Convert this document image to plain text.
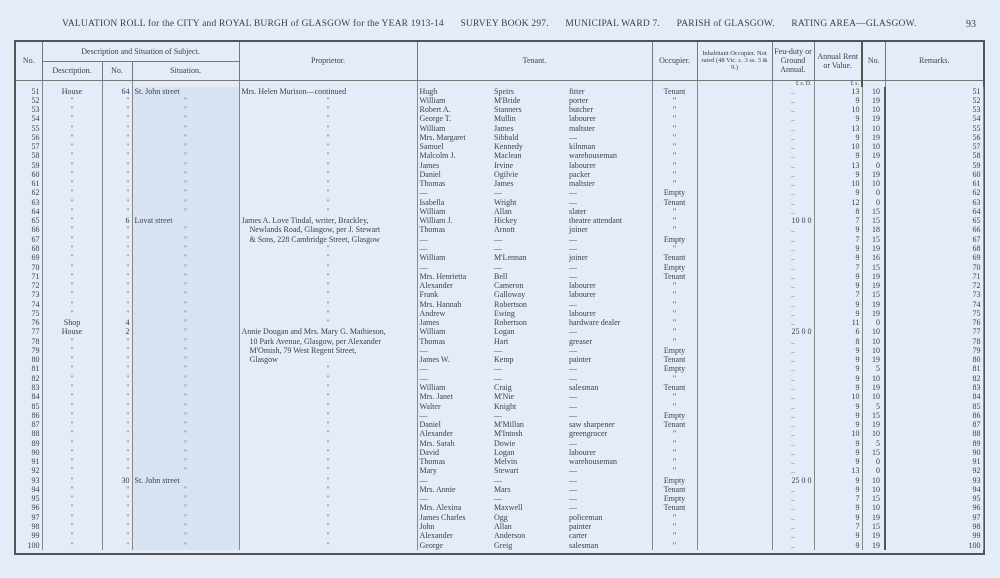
VALUATION ROLL for the CITY and ROYAL BURGH of GLASGOW for the YEAR 1913-14 SURVEY BOOK 297. MUNICIPAL WARD 7. PARISH of GLASGOW. RATING AREA—GLASGOW.	93
No.	Description and Situation of Subject.			Proprietor.	Tenant.			Occupier.	Inhabitant Occupier. Not rated (48 Vic. c. 3 ss. 3 & 9.)	Feu-duty or Ground Annual.	Annual Rent or Value.	No.	Remarks.	
	Description.	No.	Situation.											
										£ s. D.	£ s.			
51	House	64	St. John street	Mrs. Helen Murison—continued	Hugh	Speirs	fitter	Tenant		..	13	10	51	
52	"	"	"	"	William	M'Bride	porter	"		..	9	19	52	
53	"	"	"	"	Robert A.	Stanners	butcher	"		..	10	10	53	
54	"	"	"	"	George T.	Mullin	labourer	"		..	9	19	54	
55	"	"	"	"	William	James	maltster	"		..	13	10	55	
56	"	"	"	"	Mrs. Margaret	Sibbald	—	"		..	9	19	56	
57	"	"	"	"	Samuel	Kennedy	kilnman	"		..	10	10	57	
58	"	"	"	"	Malcolm J.	Maclean	warehouseman	"		..	9	19	58	
59	"	"	"	"	James	Irvine	labourer	"		..	13	0	59	
60	"	"	"	"	Daniel	Ogilvie	packer	"		..	9	19	60	
61	"	"	"	"	Thomas	James	maltster	"		..	10	10	61	
62	"	"	"	"	—	—	—	Empty		..	9	0	62	
63	"	"	"	"	Isabella	Wright	—	Tenant		..	12	0	63	
64	"	"	"	"	William	Allan	slater	"		..	8	15	64	
65	"	6	Lovat street	James A. Love Tindal, writer, Brackley,	William J.	Hickey	theatre attendant	"		10 0 0	7	15	65	
66	"	"	"	Newlands Road, Glasgow, per J. Stewart	Thomas	Arnott	joiner	"		..	9	18	66	
67	"	"	"	& Sons, 228 Cambridge Street, Glasgow	—	—	—	Empty		..	7	15	67	
68	"	"	"	"	—	—	—	"		..	9	19	68	
69	"	"	"	"	William	M'Lennan	joiner	Tenant		..	9	16	69	
70	"	"	"	"	—	—	—	Empty		..	7	15	70	
71	"	"	"	"	Mrs. Henrietta	Bell	—	Tenant		..	9	19	71	
72	"	"	"	"	Alexander	Cameron	labourer	"		..	9	19	72	
73	"	"	"	"	Frank	Galloway	labourer	"		..	7	15	73	
74	"	"	"	"	Mrs. Hannah	Robertson	—	"		..	9	19	74	
75	"	"	"	"	Andrew	Ewing	labourer	"		..	9	19	75	
76	Shop	4	"	"	James	Robertson	hardware dealer	"		..	11	0	76	
77	House	2	"	Annie Dougan and Mrs. Mary G. Mathieson,	William	Logan	—	"		25 0 0	6	10	77	
78	"	"	"	10 Park Avenue, Glasgow, per Alexander	Thomas	Hart	greaser	"		..	8	10	78	
79	"	"	"	M'Omish, 79 West Regent Street,	—	—	—	Empty		..	9	10	79	
80	"	"	"	Glasgow	James W.	Kemp	painter	Tenant		..	9	19	80	
81	"	"	"	"	—	—	—	Empty		..	9	5	81	
82	"	"	"	"	—	—	—	"		..	9	10	82	
83	"	"	"	"	William	Craig	salesman	Tenant		..	9	19	83	
84	"	"	"	"	Mrs. Janet	M'Nie	—	"		..	10	10	84	
85	"	"	"	"	Walter	Knight	—	"		..	9	5	85	
86	"	"	"	"	—	—	—	Empty		..	9	15	86	
87	"	"	"	"	Daniel	M'Millan	saw sharpener	Tenant		..	9	19	87	
88	"	"	"	"	Alexander	M'Intosh	greengrocer	"		..	10	10	88	
89	"	"	"	"	Mrs. Sarah	Dowie	—	"		..	9	5	89	
90	"	"	"	"	David	Logan	labourer	"		..	9	15	90	
91	"	"	"	"	Thomas	Melvin	warehouseman	"		..	9	0	91	
92	"	"	"	"	Mary	Stewart	—	"		..	13	0	92	
93	"	30	St. John street	"	—	—	—	Empty		25 0 0	9	10	93	
94	"	"	"	"	Mrs. Annie	Mars	—	Tenant		..	9	10	94	
95	"	"	"	"	—	—	—	Empty		..	7	15	95	
96	"	"	"	"	Mrs. Alexina	Maxwell	—	Tenant		..	9	10	96	
97	"	"	"	"	James Charles	Ogg	policeman	"		..	9	19	97	
98	"	"	"	"	John	Allan	painter	"		..	7	15	98	
99	"	"	"	"	Alexander	Anderson	carter	"		..	9	19	99	
100	"	"	"	"	George	Greig	salesman	"		..	9	19	100	
